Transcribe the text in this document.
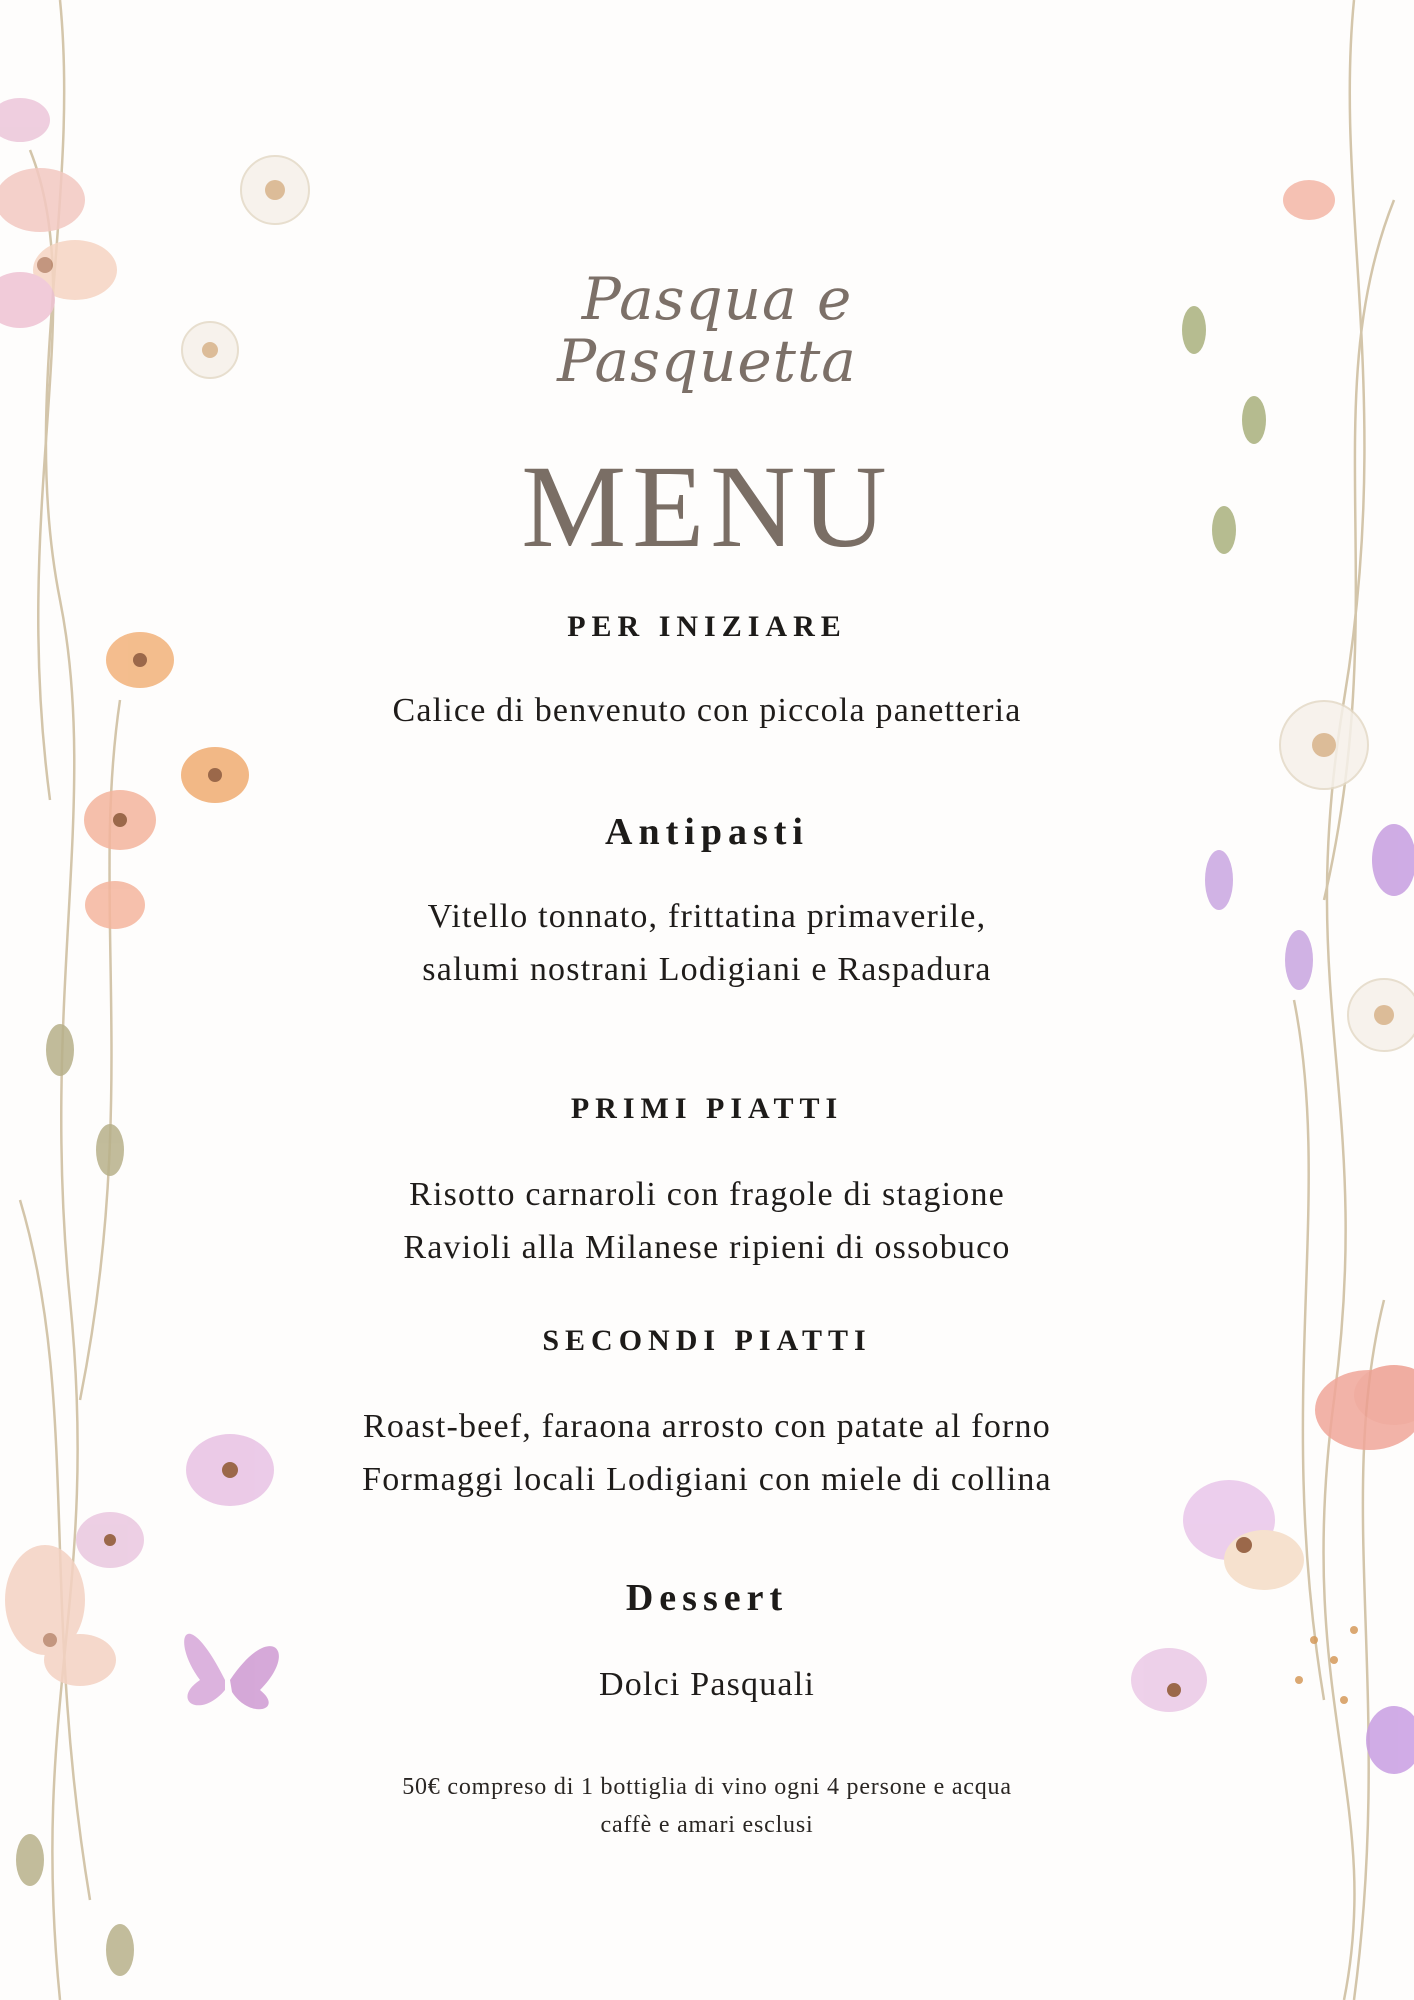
Pasqua e
Pasquetta
MENU
PER INIZIARE
Calice di benvenuto con piccola panetteria
Antipasti
Vitello tonnato, frittatina primaverile,
salumi nostrani Lodigiani e Raspadura
PRIMI PIATTI
Risotto carnaroli con fragole di stagione
Ravioli alla Milanese ripieni di ossobuco
SECONDI PIATTI
Roast-beef, faraona arrosto con patate al forno
Formaggi locali Lodigiani con miele di collina
Dessert
Dolci Pasquali
50€ compreso di 1 bottiglia di vino ogni 4 persone e acqua
caffè e amari esclusi
